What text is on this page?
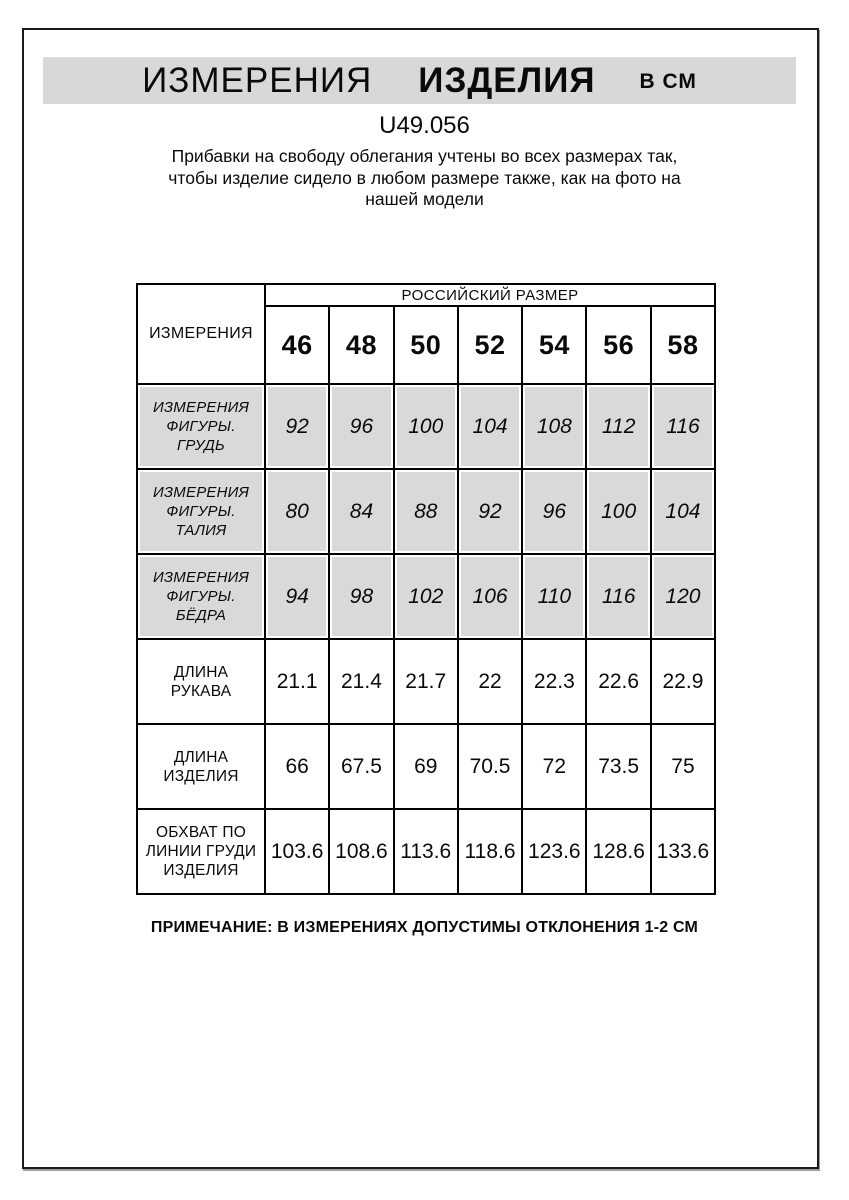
ИЗМЕРЕНИЯ ИЗДЕЛИЯ В СМ
U49.056
Прибавки на свободу облегания учтены во всех размерах так,
чтобы изделие сидело в любом размере также, как на фото на
нашей модели
ИЗМЕРЕНИЯ	РОССИЙСКИЙ РАЗМЕР						
	46	48	50	52	54	56	58
ИЗМЕРЕНИЯ ФИГУРЫ. ГРУДЬ	92	96	100	104	108	112	116
ИЗМЕРЕНИЯ ФИГУРЫ. ТАЛИЯ	80	84	88	92	96	100	104
ИЗМЕРЕНИЯ ФИГУРЫ. БЁДРА	94	98	102	106	110	116	120
ДЛИНА РУКАВА	21.1	21.4	21.7	22	22.3	22.6	22.9
ДЛИНА ИЗДЕЛИЯ	66	67.5	69	70.5	72	73.5	75
ОБХВАТ ПО ЛИНИИ ГРУДИ ИЗДЕЛИЯ	103.6	108.6	113.6	118.6	123.6	128.6	133.6
ПРИМЕЧАНИЕ: В ИЗМЕРЕНИЯХ ДОПУСТИМЫ ОТКЛОНЕНИЯ 1-2 СМ
